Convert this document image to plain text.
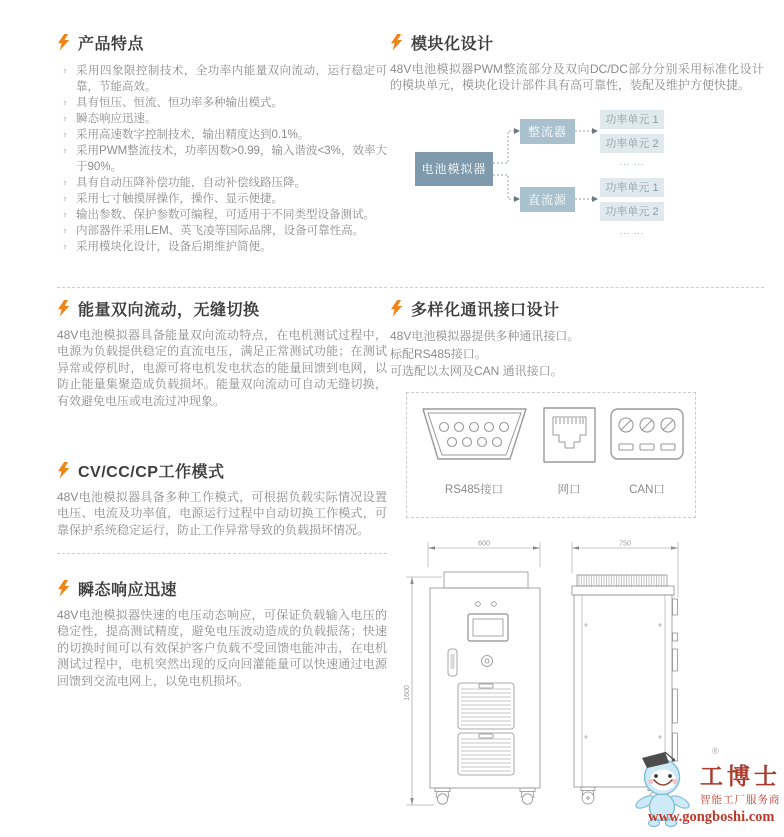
产品特点
› 采用四象限控制技术，全功率内能量双向流动，运行稳定可靠，节能高效。
› 具有恒压、恒流、恒功率多种输出模式。
› 瞬态响应迅速。
› 采用高速数字控制技术，输出精度达到0.1%。
› 采用PWM整流技术，功率因数>0.99，输入谐波<3%，效率大于90%。
› 具有自动压降补偿功能，自动补偿线路压降。
› 采用七寸触摸屏操作，操作、显示便捷。
› 输出参数、保护参数可编程，可适用于不同类型设备测试。
› 内部器件采用LEM、英飞凌等国际品牌，设备可靠性高。
› 采用模块化设计，设备后期维护简便。
能量双向流动，无缝切换

48V电池模拟器具备能量双向流动特点，在电机测试过程中，电源为负载提供稳定的直流电压，满足正常测试功能；在测试异常或停机时，电源可将电机发电状态的能量回馈到电网，以防止能量集聚造成负载损坏。能量双向流动可自动无缝切换，有效避免电压或电流过冲现象。

CV/CC/CP工作模式

48V电池模拟器具备多种工作模式，可根据负载实际情况设置电压、电流及功率值，电源运行过程中自动切换工作模式，可靠保护系统稳定运行，防止工作异常导致的负载损坏情况。

瞬态响应迅速

48V电池模拟器快速的电压动态响应，可保证负载输入电压的稳定性，提高测试精度，避免电压波动造成的负载振荡；快速的切换时间可以有效保护客户负载不受回馈电能冲击，在电机测试过程中，电机突然出现的反向回灌能量可以快速通过电源回馈到交流电网上，以免电机损坏。

模块化设计

48V电池模拟器PWM整流部分及双向DC/DC部分分别采用标准化设计的模块单元，模块化设计部件具有高可靠性，装配及维护方便快捷。

电池模拟器
整流器
直流源
功率单元 1
功率单元 2
... ...
功率单元 1
功率单元 2
... ...
多样化通讯接口设计

48V电池模拟器提供多种通讯接口。

标配RS485接口。

可选配以太网及CAN 通讯接口。

RS485接口	网口	CAN口
600	750
1600
®
工博士
智能工厂服务商
www.gongboshi.com
